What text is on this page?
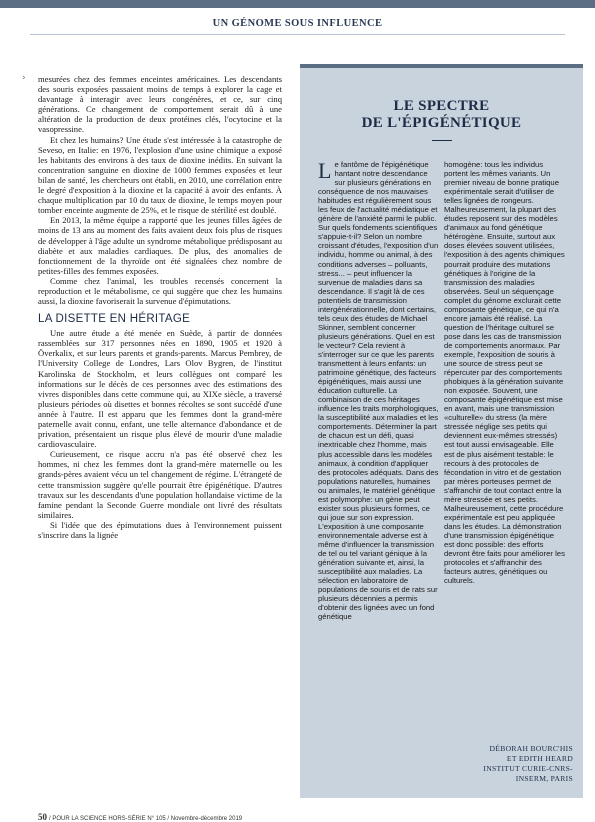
UN GÉNOME SOUS INFLUENCE
› mesurées chez des femmes enceintes américaines. Les descendants des souris exposées passaient moins de temps à explorer la cage et davantage à interagir avec leurs congénères, et ce, sur cinq générations. Ce changement de comportement serait dû à une altération de la production de deux protéines clés, l'ocytocine et la vasopressine.

Et chez les humains? Une étude s'est intéressée à la catastrophe de Seveso, en Italie: en 1976, l'explosion d'une usine chimique a exposé les habitants des environs à des taux de dioxine inédits. En suivant la concentration sanguine en dioxine de 1000 femmes exposées et leur bilan de santé, les chercheurs ont établi, en 2010, une corrélation entre le degré d'exposition à la dioxine et la capacité à avoir des enfants. À chaque multiplication par 10 du taux de dioxine, le temps moyen pour tomber enceinte augmente de 25%, et le risque de stérilité est doublé.

En 2013, la même équipe a rapporté que les jeunes filles âgées de moins de 13 ans au moment des faits avaient deux fois plus de risques de développer à l'âge adulte un syndrome métabolique prédisposant au diabète et aux maladies cardiaques. De plus, des anomalies de fonctionnement de la thyroïde ont été signalées chez nombre de petites-filles des femmes exposées.

Comme chez l'animal, les troubles recensés concernent la reproduction et le métabolisme, ce qui suggère que chez les humains aussi, la dioxine favoriserait la survenue d'épimutations.

LA DISETTE EN HÉRITAGE

Une autre étude a été menée en Suède, à partir de données rassemblées sur 317 personnes nées en 1890, 1905 et 1920 à Överkalix, et sur leurs parents et grands-parents. Marcus Pembrey, de l'University College de Londres, Lars Olov Bygren, de l'institut Karolinska de Stockholm, et leurs collègues ont comparé les informations sur le décès de ces personnes avec des estimations des vivres disponibles dans cette commune qui, au XIXe siècle, a traversé plusieurs périodes où disettes et bonnes récoltes se sont succédé d'une année à l'autre. Il est apparu que les femmes dont la grand-mère paternelle avait connu, enfant, une telle alternance d'abondance et de privation, présentaient un risque plus élevé de mourir d'une maladie cardiovasculaire.

Curieusement, ce risque accru n'a pas été observé chez les hommes, ni chez les femmes dont la grand-mère maternelle ou les grands-pères avaient vécu un tel changement de régime. L'étrangeté de cette transmission suggère qu'elle pourrait être épigénétique. D'autres travaux sur les descendants d'une population hollandaise victime de la famine pendant la Seconde Guerre mondiale ont livré des résultats similaires.

Si l'idée que des épimutations dues à l'environnement puissent s'inscrire dans la lignée

LE SPECTRE
DE L'ÉPIGÉNÉTIQUE
Le fantôme de l'épigénétique hantant notre descendance sur plusieurs générations en conséquence de nos mauvaises habitudes est régulièrement sous les feux de l'actualité médiatique et génère de l'anxiété parmi le public. Sur quels fondements scientifiques s'appuie-t-il? Selon un nombre croissant d'études, l'exposition d'un individu, homme ou animal, à des conditions adverses – polluants, stress... – peut influencer la survenue de maladies dans sa descendance. Il s'agit là de ces potentiels de transmission intergénérationnelle, dont certains, tels ceux des études de Michael Skinner, semblent concerner plusieurs générations. Quel en est le vecteur? Cela revient à s'interroger sur ce que les parents transmettent à leurs enfants: un patrimoine génétique, des facteurs épigénétiques, mais aussi une éducation culturelle. La combinaison de ces héritages influence les traits morphologiques, la susceptibilité aux maladies et les comportements. Déterminer la part de chacun est un défi, quasi inextricable chez l'homme, mais plus accessible dans les modèles animaux, à condition d'appliquer des protocoles adéquats. Dans des populations naturelles, humaines ou animales, le matériel génétique est polymorphe: un gène peut exister sous plusieurs formes, ce qui joue sur son expression. L'exposition à une composante environnementale adverse est à même d'influencer la transmission de tel ou tel variant génique à la génération suivante et, ainsi, la susceptibilité aux maladies. La sélection en laboratoire de populations de souris et de rats sur plusieurs décennies a permis d'obtenir des lignées avec un fond génétique
homogène: tous les individus portent les mêmes variants. Un premier niveau de bonne pratique expérimentale serait d'utiliser de telles lignées de rongeurs. Malheureusement, la plupart des études reposent sur des modèles d'animaux au fond génétique hétérogène. Ensuite, surtout aux doses élevées souvent utilisées, l'exposition à des agents chimiques pourrait produire des mutations génétiques à l'origine de la transmission des maladies observées. Seul un séquençage complet du génome exclurait cette composante génétique, ce qui n'a encore jamais été réalisé. La question de l'héritage culturel se pose dans les cas de transmission de comportements anormaux. Par exemple, l'exposition de souris à une source de stress peut se répercuter par des comportements phobiques à la génération suivante non exposée. Souvent, une composante épigénétique est mise en avant, mais une transmission «culturelle» du stress (la mère stressée néglige ses petits qui deviennent eux-mêmes stressés) est tout aussi envisageable. Elle est de plus aisément testable: le recours à des protocoles de fécondation in vitro et de gestation par mères porteuses permet de s'affranchir de tout contact entre la mère stressée et ses petits. Malheureusement, cette procédure expérimentale est peu appliquée dans les études. La démonstration d'une transmission épigénétique est donc possible: des efforts devront être faits pour améliorer les protocoles et s'affranchir des facteurs autres, génétiques ou culturels.
DÉBORAH BOURC'HIS
ET EDITH HEARD
INSTITUT CURIE-CNRS-
INSERM, PARIS
50 / POUR LA SCIENCE HORS-SÉRIE N° 105 / Novembre-décembre 2019
